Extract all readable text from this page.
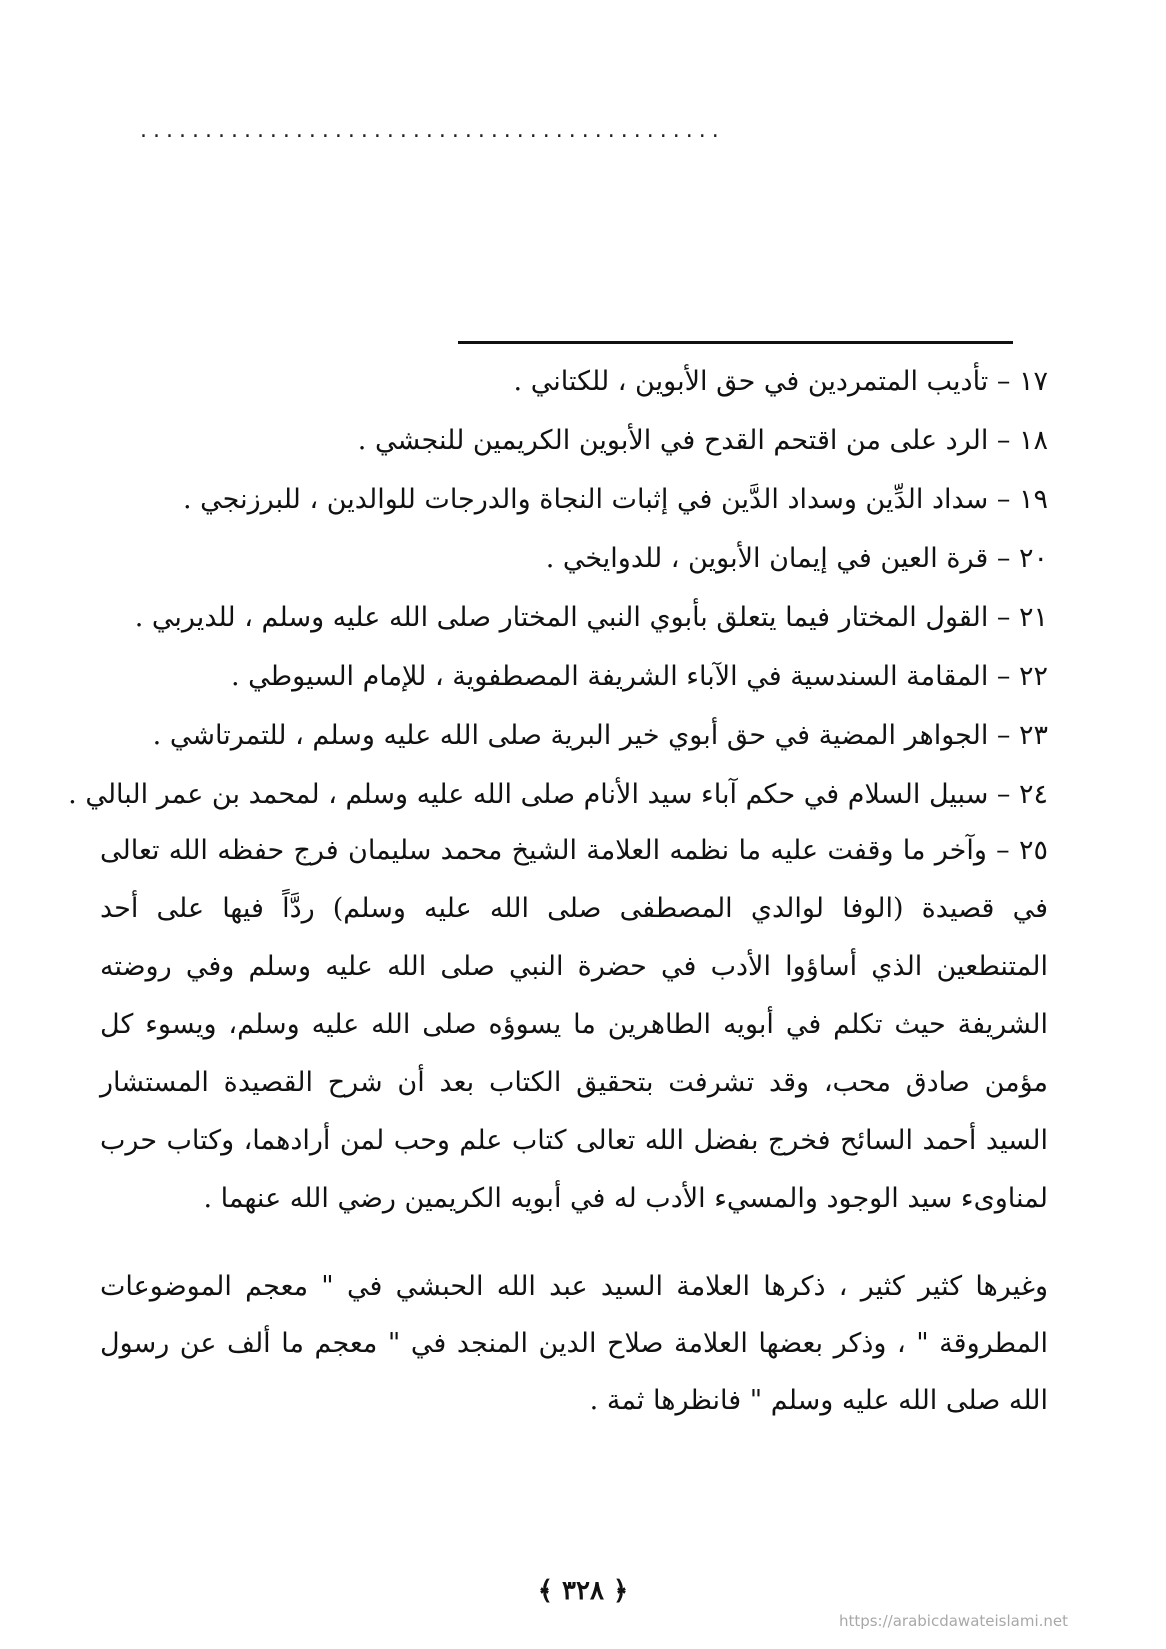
.............................................
١٧ – تأديب المتمردين في حق الأبوين ، للكتاني .
١٨ – الرد على من اقتحم القدح في الأبوين الكريمين للنجشي .
١٩ – سداد الدِّين وسداد الدَّين في إثبات النجاة والدرجات للوالدين ، للبرزنجي .
٢٠ – قرة العين في إيمان الأبوين ، للدوايخي .
٢١ – القول المختار فيما يتعلق بأبوي النبي المختار صلى الله عليه وسلم ، للديربي .
٢٢ – المقامة السندسية في الآباء الشريفة المصطفوية ، للإمام السيوطي .
٢٣ – الجواهر المضية في حق أبوي خير البرية صلى الله عليه وسلم ، للتمرتاشي .
٢٤ – سبيل السلام في حكم آباء سيد الأنام صلى الله عليه وسلم ، لمحمد بن عمر البالي .
٢٥ – وآخر ما وقفت عليه ما نظمه العلامة الشيخ محمد سليمان فرج حفظه الله تعالى في قصيدة (الوفا لوالدي المصطفى صلى الله عليه وسلم) ردَّاً فيها على أحد المتنطعين الذي أساؤوا الأدب في حضرة النبي صلى الله عليه وسلم وفي روضته الشريفة حيث تكلم في أبويه الطاهرين ما يسوؤه صلى الله عليه وسلم، ويسوء كل مؤمن صادق محب، وقد تشرفت بتحقيق الكتاب بعد أن شرح القصيدة المستشار السيد أحمد السائح فخرج بفضل الله تعالى كتاب علم وحب لمن أرادهما، وكتاب حرب لمناوىء سيد الوجود والمسيء الأدب له في أبويه الكريمين رضي الله عنهما .
وغيرها كثير كثير ، ذكرها العلامة السيد عبد الله الحبشي في " معجم الموضوعات المطروقة " ، وذكر بعضها العلامة صلاح الدين المنجد في " معجم ما ألف عن رسول الله صلى الله عليه وسلم " فانظرها ثمة .
﴿ ٣٢٨ ﴾
https://arabicdawateislami.net
